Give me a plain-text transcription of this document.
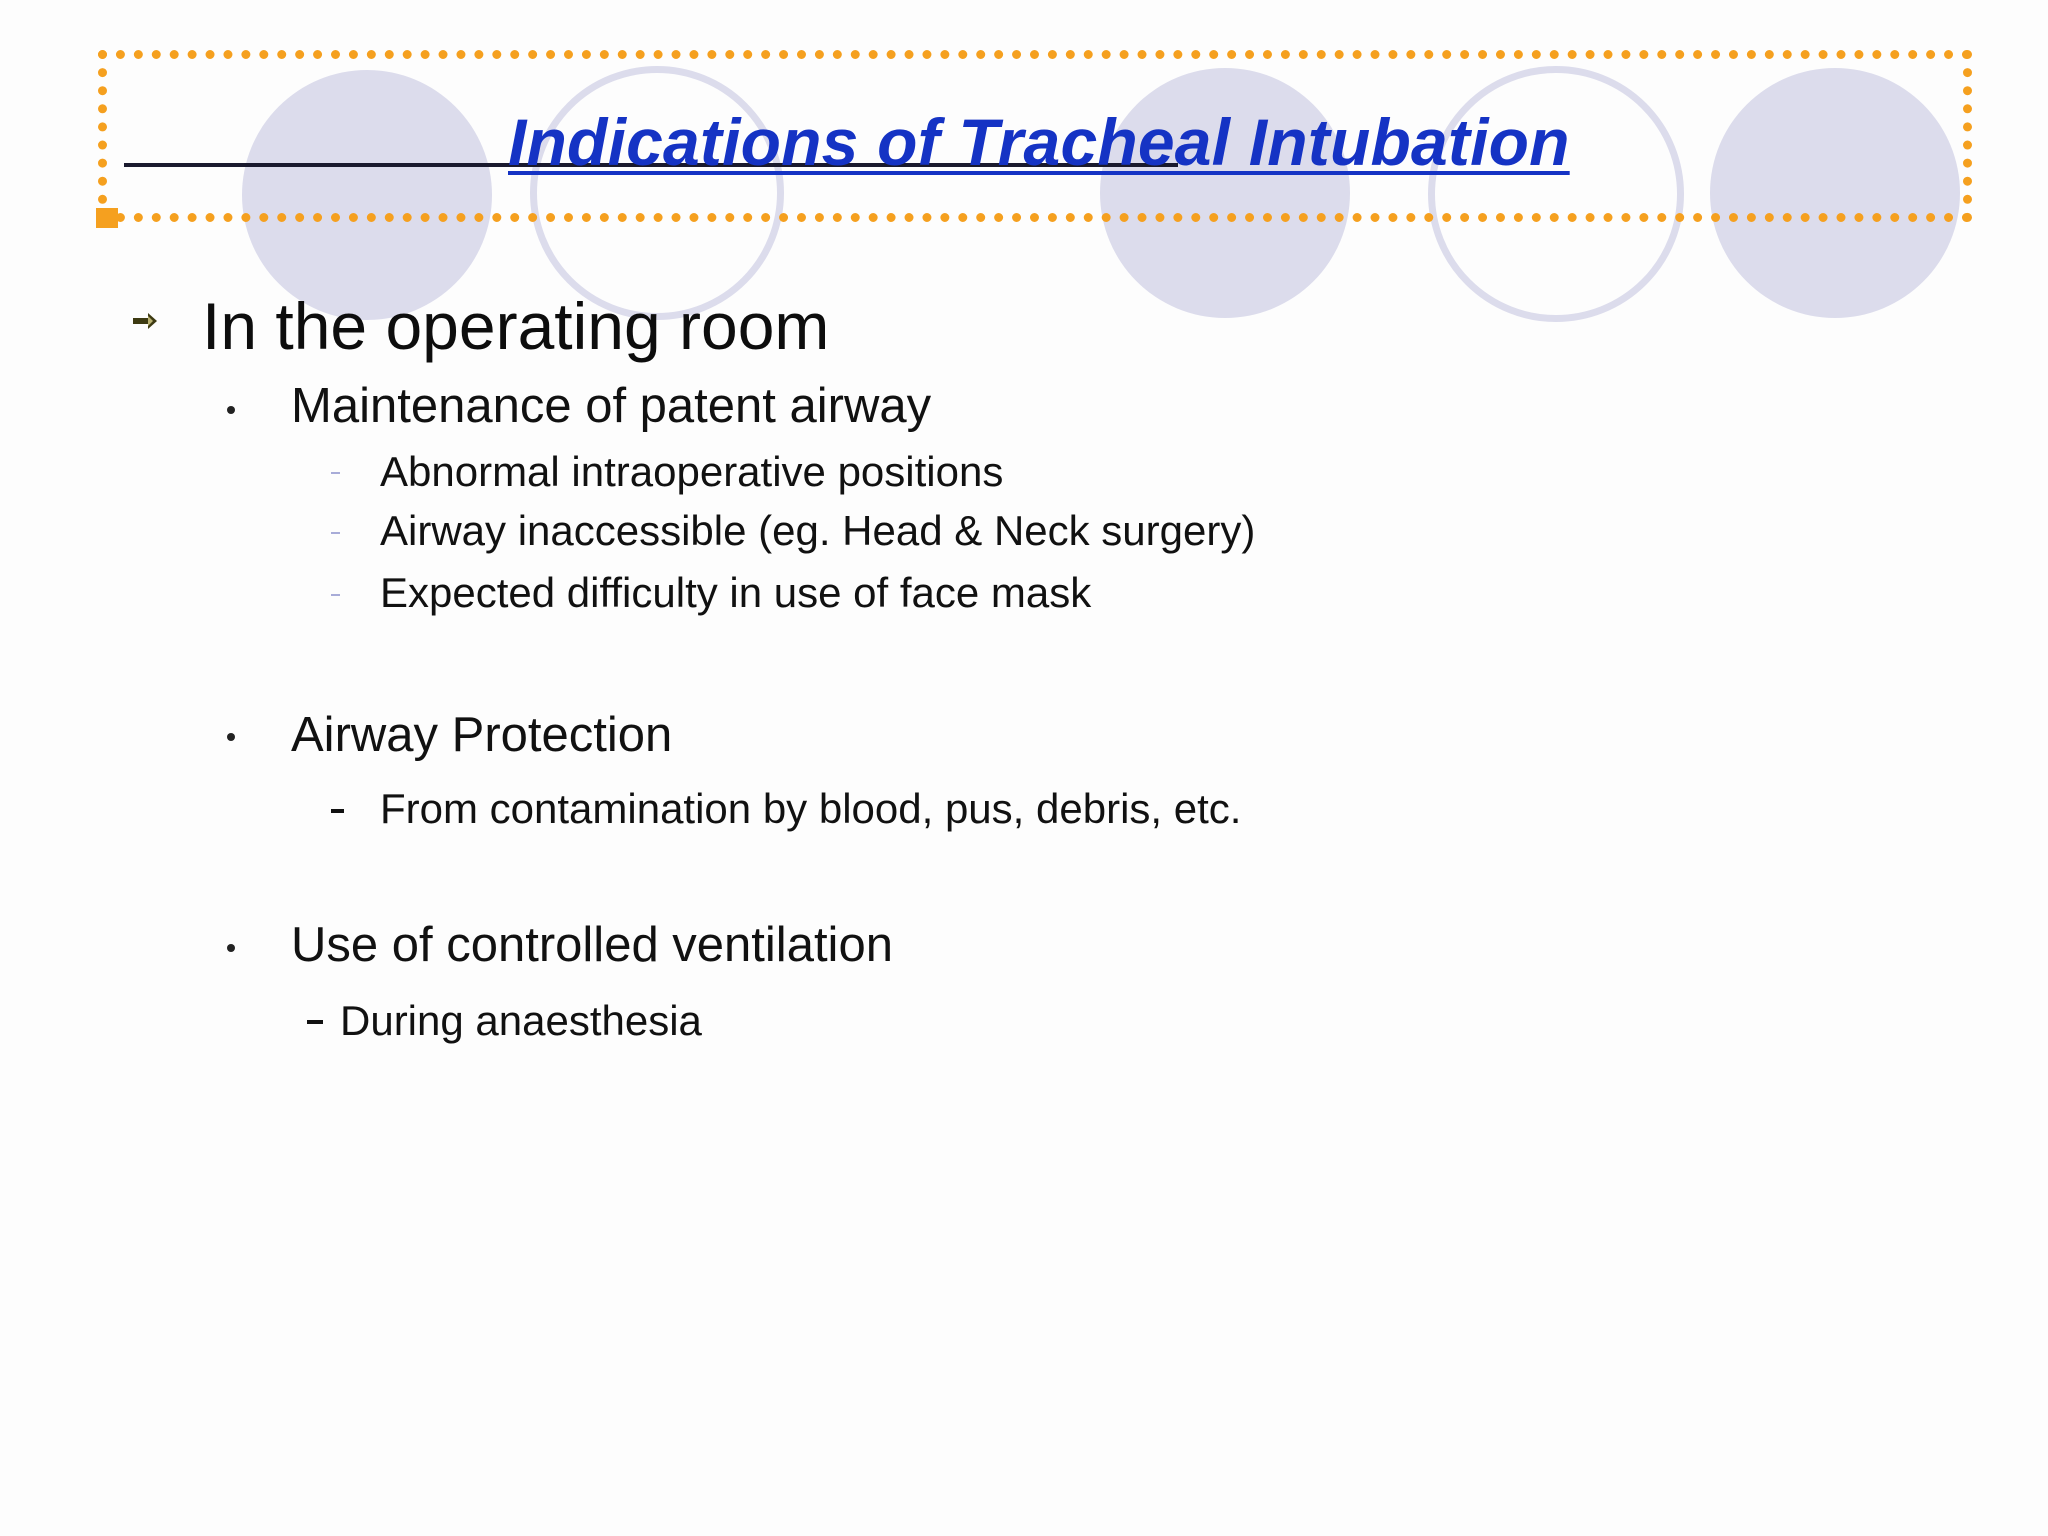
Indications of Tracheal Intubation
In the operating room
Maintenance of patent airway
Abnormal intraoperative positions
Airway inaccessible (eg. Head & Neck surgery)
Expected difficulty in use of face mask
Airway Protection
From contamination by blood, pus, debris, etc.
Use of controlled ventilation
During anaesthesia
